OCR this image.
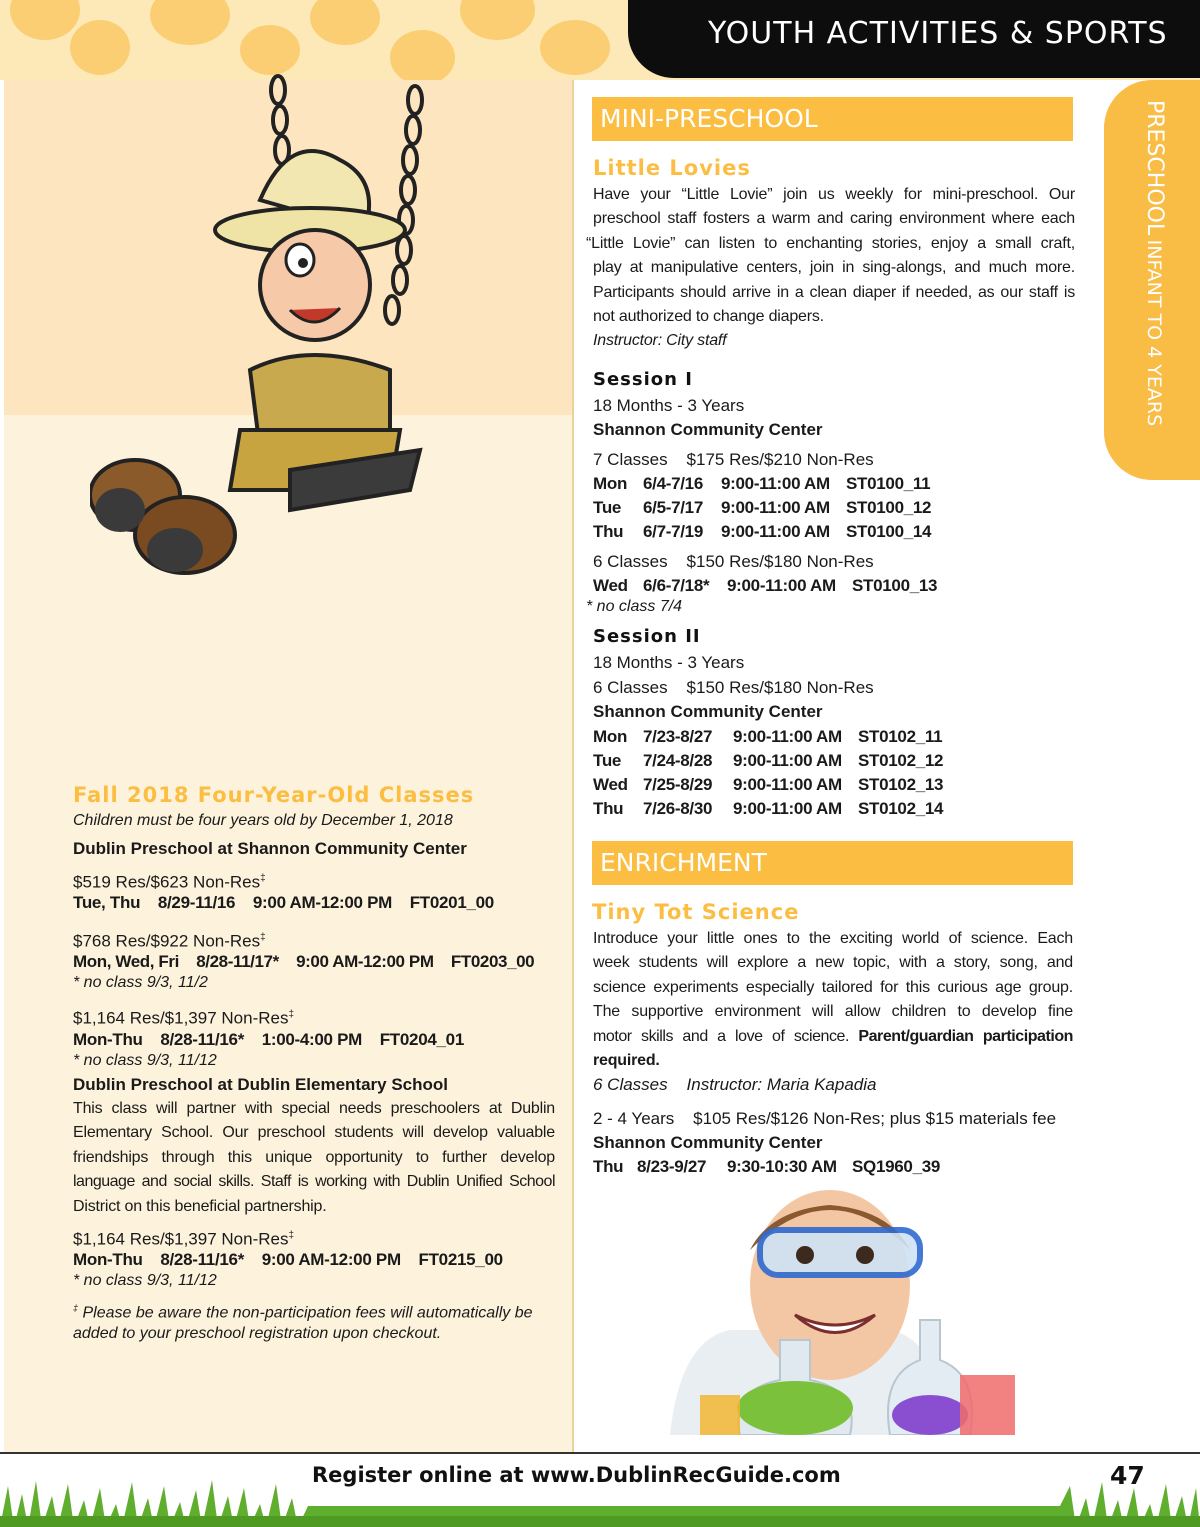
YOUTH ACTIVITIES & SPORTS
PRESCHOOL INFANT TO 4 YEARS
MINI-PRESCHOOL
Little Lovies
Have your “Little Lovie” join us weekly for mini-preschool. Our
preschool staff fosters a warm and caring environment where each
“Little Lovie” can listen to enchanting stories, enjoy a small craft,
play at manipulative centers, join in sing-alongs, and much more.
Participants should arrive in a clean diaper if needed, as our staff is
not authorized to change diapers.
Instructor: City staff
Session I
18 Months - 3 Years
Shannon Community Center
7 Classes    $175 Res/$210 Non-Res
Mon 6/4-7/16	9:00-11:00 AM ST0100_11
Tue	6/5-7/17	9:00-11:00 AM ST0100_12
Thu	6/7-7/19	9:00-11:00 AM ST0100_14
6 Classes    $150 Res/$180 Non-Res
Wed 6/6-7/18*	9:00-11:00 AM ST0100_13
* no class 7/4
Session II
18 Months - 3 Years
6 Classes    $150 Res/$180 Non-Res
Shannon Community Center
Mon 7/23-8/27	9:00-11:00 AM ST0102_11
Tue	7/24-8/28	9:00-11:00 AM ST0102_12
Wed 7/25-8/29	9:00-11:00 AM ST0102_13
Thu	7/26-8/30	9:00-11:00 AM ST0102_14
ENRICHMENT
Tiny Tot Science
Introduce your little ones to the exciting world of science. Each
week students will explore a new topic, with a story, song, and
science experiments especially tailored for this curious age group.
The supportive environment will allow children to develop fine
motor skills and a love of science. Parent/guardian participation
required.
6 Classes    Instructor: Maria Kapadia
2 - 4 Years    $105 Res/$126 Non-Res; plus $15 materials fee
Shannon Community Center
Thu 8/23-9/27	9:30-10:30 AM SQ1960_39
Fall 2018 Four-Year-Old Classes
Children must be four years old by December 1, 2018
Dublin Preschool at Shannon Community Center
$519 Res/$623 Non-Res‡
Tue, Thu    8/29-11/16    9:00 AM-12:00 PM    FT0201_00
$768 Res/$922 Non-Res‡
Mon, Wed, Fri    8/28-11/17*    9:00 AM-12:00 PM    FT0203_00
* no class 9/3, 11/2
$1,164 Res/$1,397 Non-Res‡
Mon-Thu    8/28-11/16*    1:00-4:00 PM    FT0204_01
* no class 9/3, 11/12
Dublin Preschool at Dublin Elementary School
This class will partner with special needs preschoolers at Dublin
Elementary School. Our preschool students will develop valuable
friendships through this unique opportunity to further develop
language and social skills. Staff is working with Dublin Unified School
District on this beneficial partnership.
$1,164 Res/$1,397 Non-Res‡
Mon-Thu    8/28-11/16*    9:00 AM-12:00 PM    FT0215_00
* no class 9/3, 11/12
‡ Please be aware the non-participation fees will automatically be
added to your preschool registration upon checkout.
Register online at www.DublinRecGuide.com	47
